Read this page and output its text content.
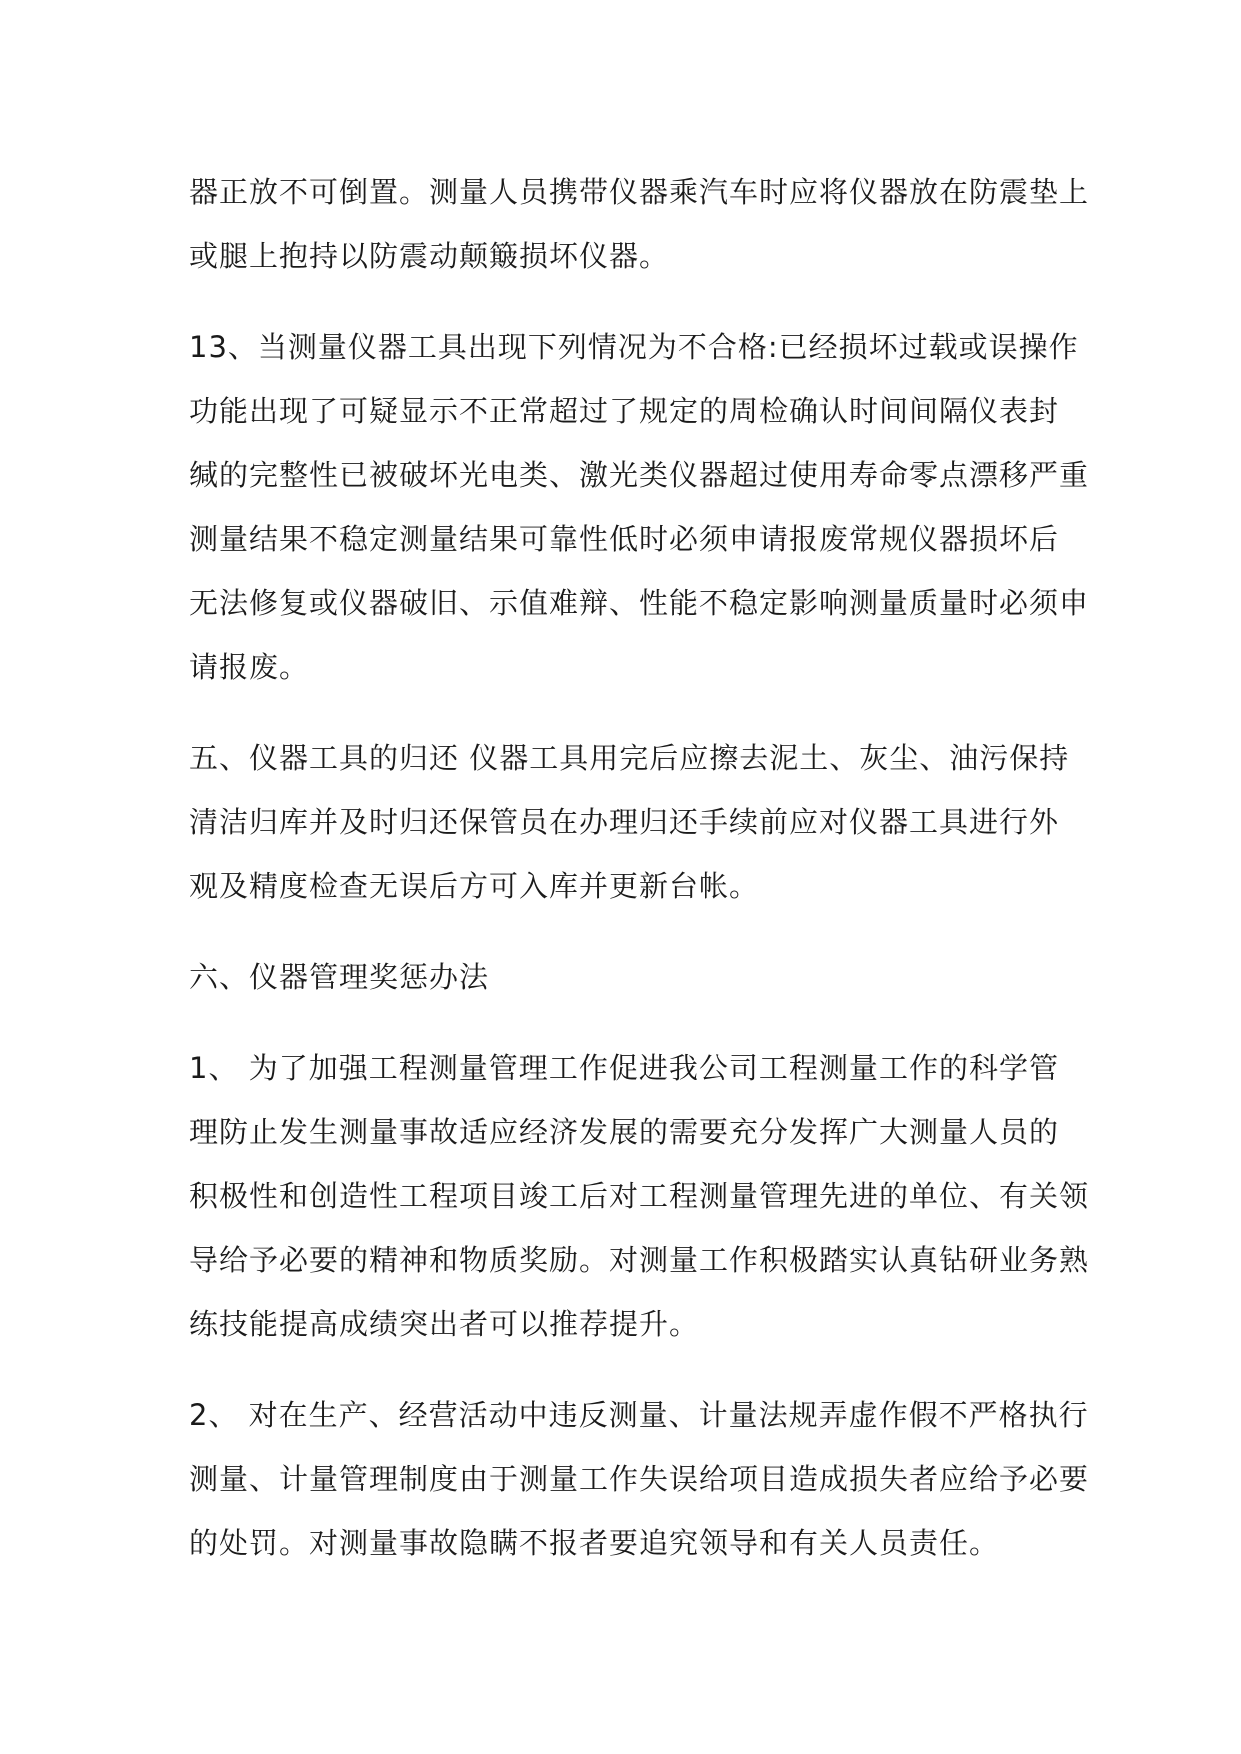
器正放不可倒置。测量人员携带仪器乘汽车时应将仪器放在防震垫上
或腿上抱持以防震动颠簸损坏仪器。
13、当测量仪器工具出现下列情况为不合格:已经损坏过载或误操作
功能出现了可疑显示不正常超过了规定的周检确认时间间隔仪表封
缄的完整性已被破坏光电类、激光类仪器超过使用寿命零点漂移严重
测量结果不稳定测量结果可靠性低时必须申请报废常规仪器损坏后
无法修复或仪器破旧、示值难辩、性能不稳定影响测量质量时必须申
请报废。
五、仪器工具的归还 仪器工具用完后应擦去泥土、灰尘、油污保持
清洁归库并及时归还保管员在办理归还手续前应对仪器工具进行外
观及精度检查无误后方可入库并更新台帐。
六、仪器管理奖惩办法
1、 为了加强工程测量管理工作促进我公司工程测量工作的科学管
理防止发生测量事故适应经济发展的需要充分发挥广大测量人员的
积极性和创造性工程项目竣工后对工程测量管理先进的单位、有关领
导给予必要的精神和物质奖励。对测量工作积极踏实认真钻研业务熟
练技能提高成绩突出者可以推荐提升。
2、 对在生产、经营活动中违反测量、计量法规弄虚作假不严格执行
测量、计量管理制度由于测量工作失误给项目造成损失者应给予必要
的处罚。对测量事故隐瞒不报者要追究领导和有关人员责任。
